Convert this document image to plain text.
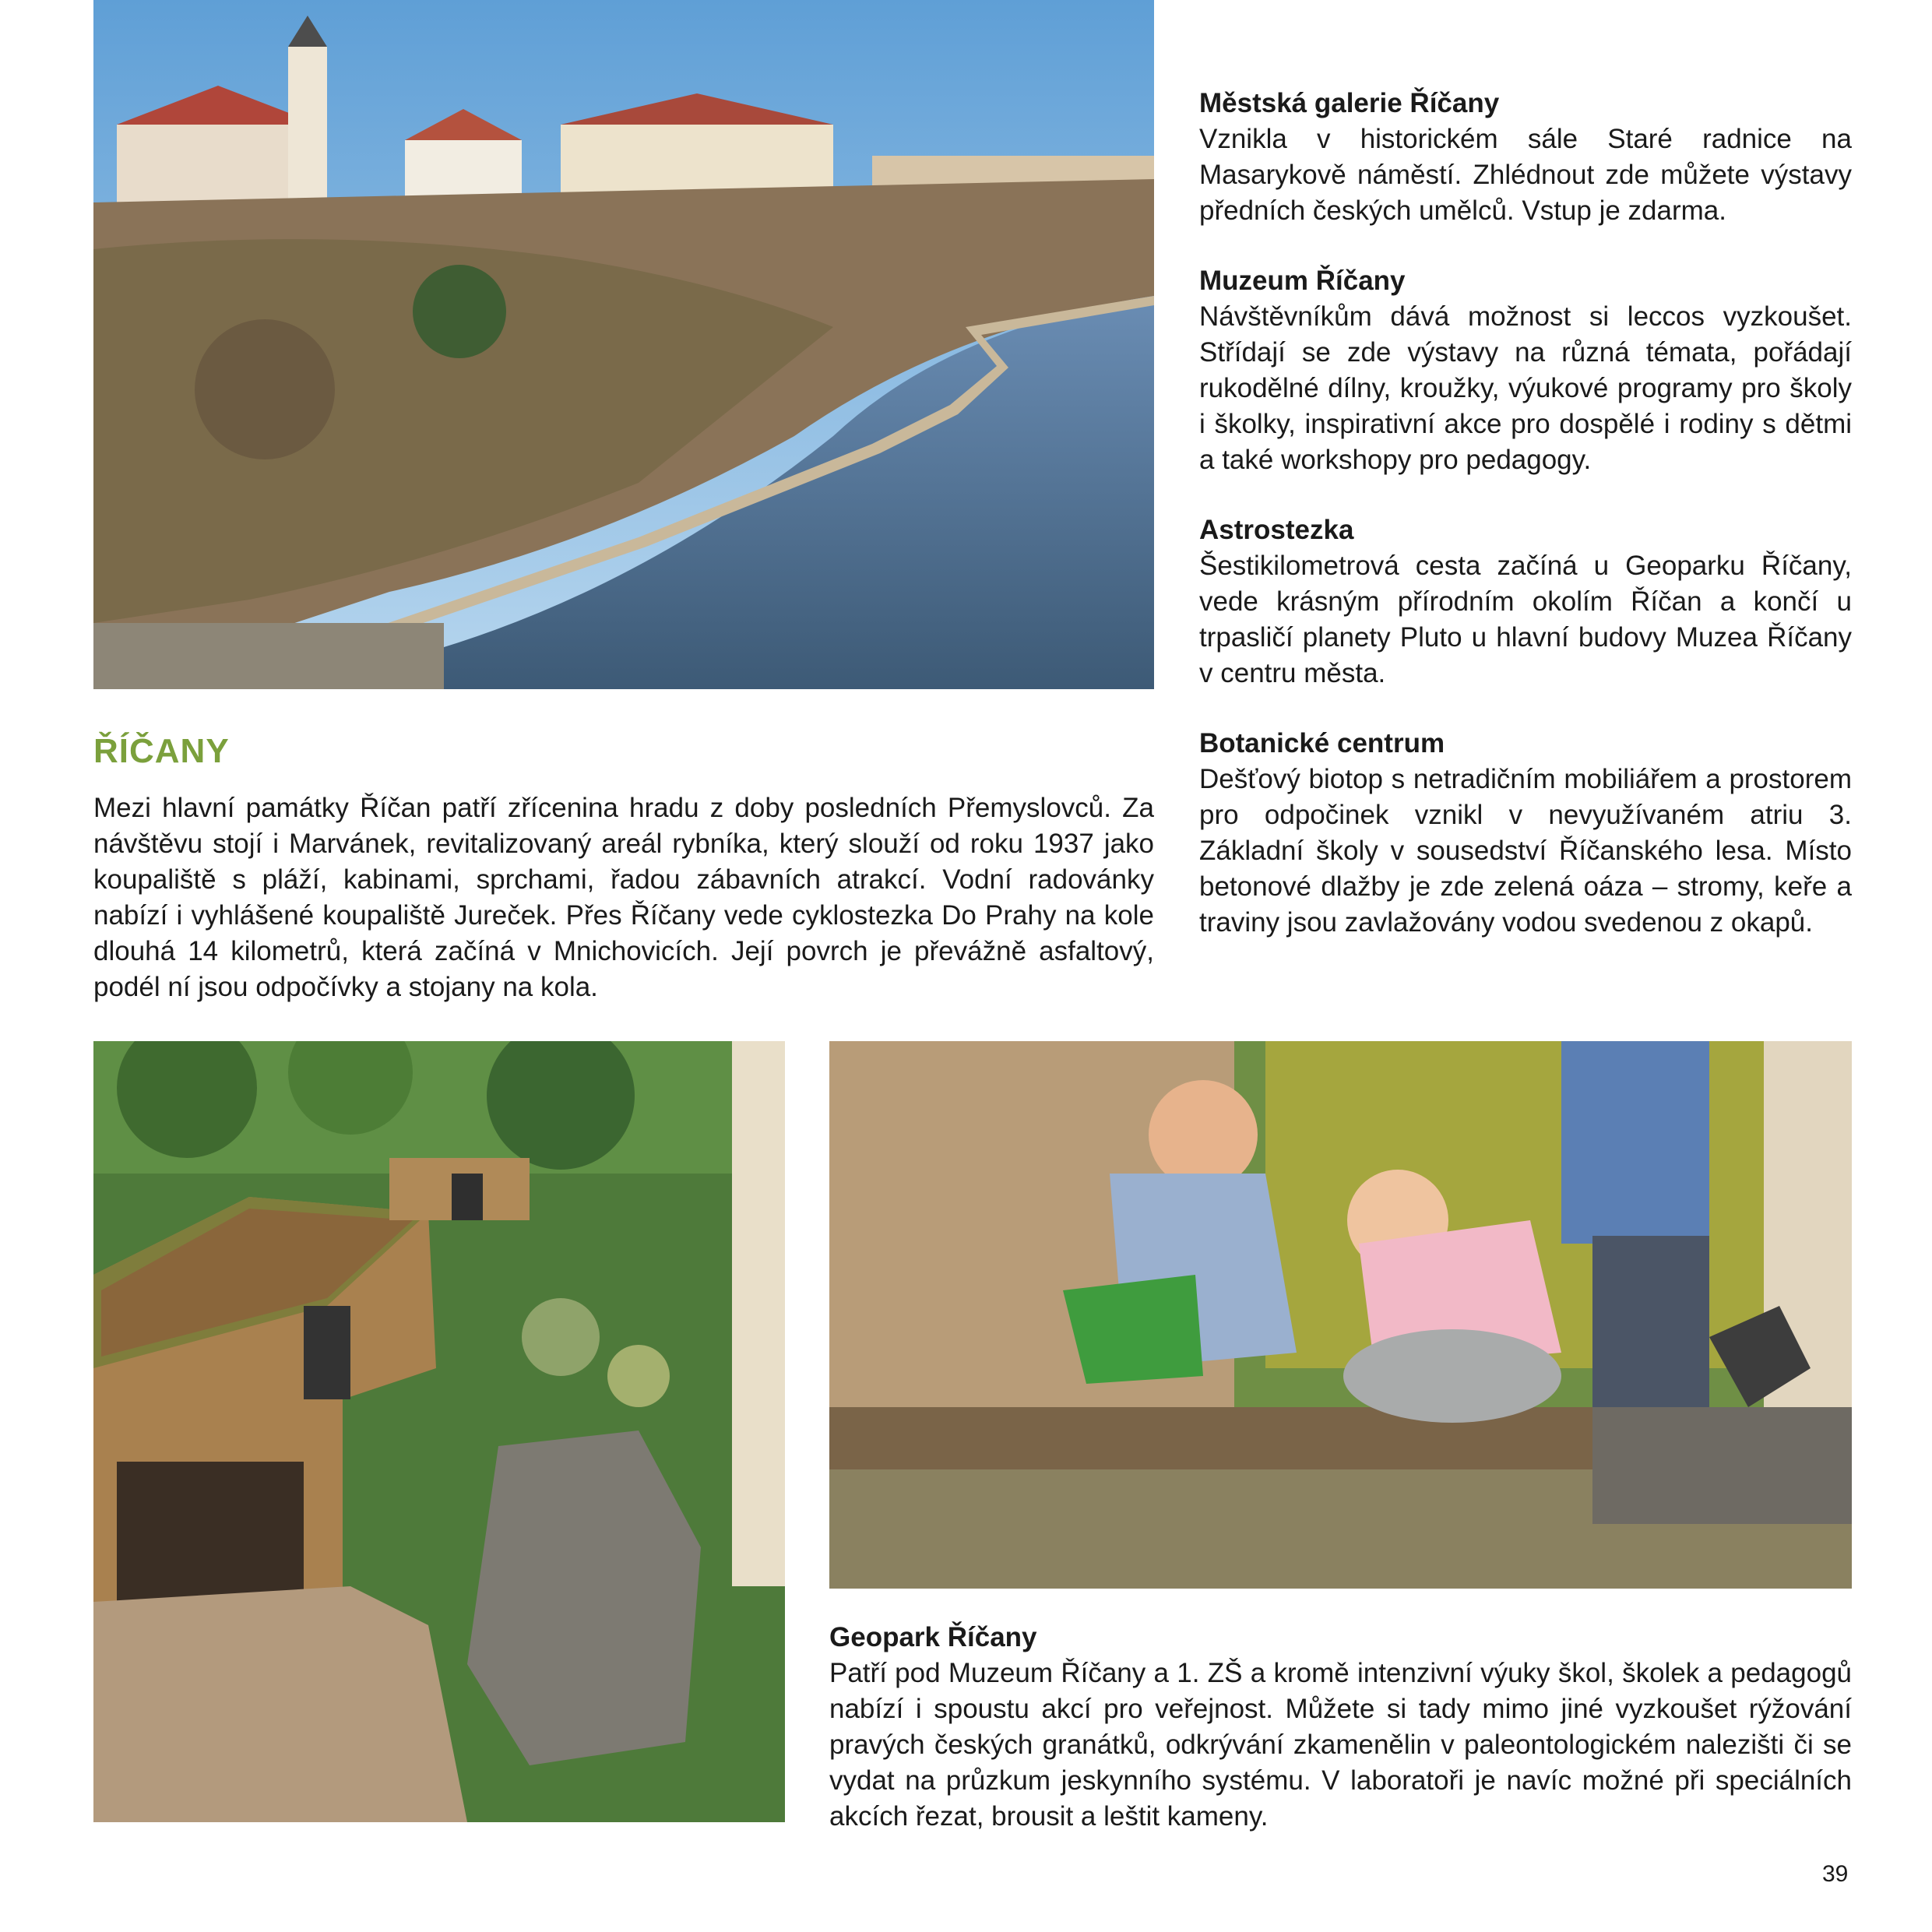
ŘÍČANY

Mezi hlavní památky Říčan patří zřícenina hradu z doby posledních Přemyslovců. Za návštěvu stojí i Marvánek, revitalizovaný areál rybníka, který slouží od roku 1937 jako koupaliště s pláží, kabinami, sprchami, řadou zábavních atrakcí. Vodní radovánky nabízí i vyhlášené koupaliště Jureček. Přes Říčany vede cyklostezka Do Prahy na kole dlouhá 14 kilometrů, která začíná v Mnichovicích. Její povrch je převážně asfaltový, podél ní jsou odpočívky a stojany na kola.

Městská galerie Říčany

Vznikla v historickém sále Staré radnice na Masarykově náměstí. Zhlédnout zde můžete výstavy předních českých umělců. Vstup je zdarma.

Muzeum Říčany

Návštěvníkům dává možnost si leccos vyzkoušet. Střídají se zde výstavy na různá témata, pořádají rukodělné dílny, kroužky, výukové programy pro školy i školky, inspirativní akce pro dospělé i rodiny s dětmi a také workshopy pro pedagogy.

Astrostezka

Šestikilometrová cesta začíná u Geoparku Říčany, vede krásným přírodním okolím Říčan a končí u trpasličí planety Pluto u hlavní budovy Muzea Říčany v centru města.

Botanické centrum

Dešťový biotop s netradičním mobiliářem a prostorem pro odpočinek vznikl v nevyužívaném atriu 3. Základní školy v sousedství Říčanského lesa. Místo betonové dlažby je zde zelená oáza – stromy, keře a traviny jsou zavlažovány vodou svedenou z okapů.

Geopark Říčany

Patří pod Muzeum Říčany a 1. ZŠ a kromě intenzivní výuky škol, školek a pedagogů nabízí i spoustu akcí pro veřejnost. Můžete si tady mimo jiné vyzkoušet rýžování pravých českých granátků, odkrývání zkamenělin v paleontologickém nalezišti či se vydat na průzkum jeskynního systému. V laboratoři je navíc možné při speciálních akcích řezat, brousit a leštit kameny.

39
